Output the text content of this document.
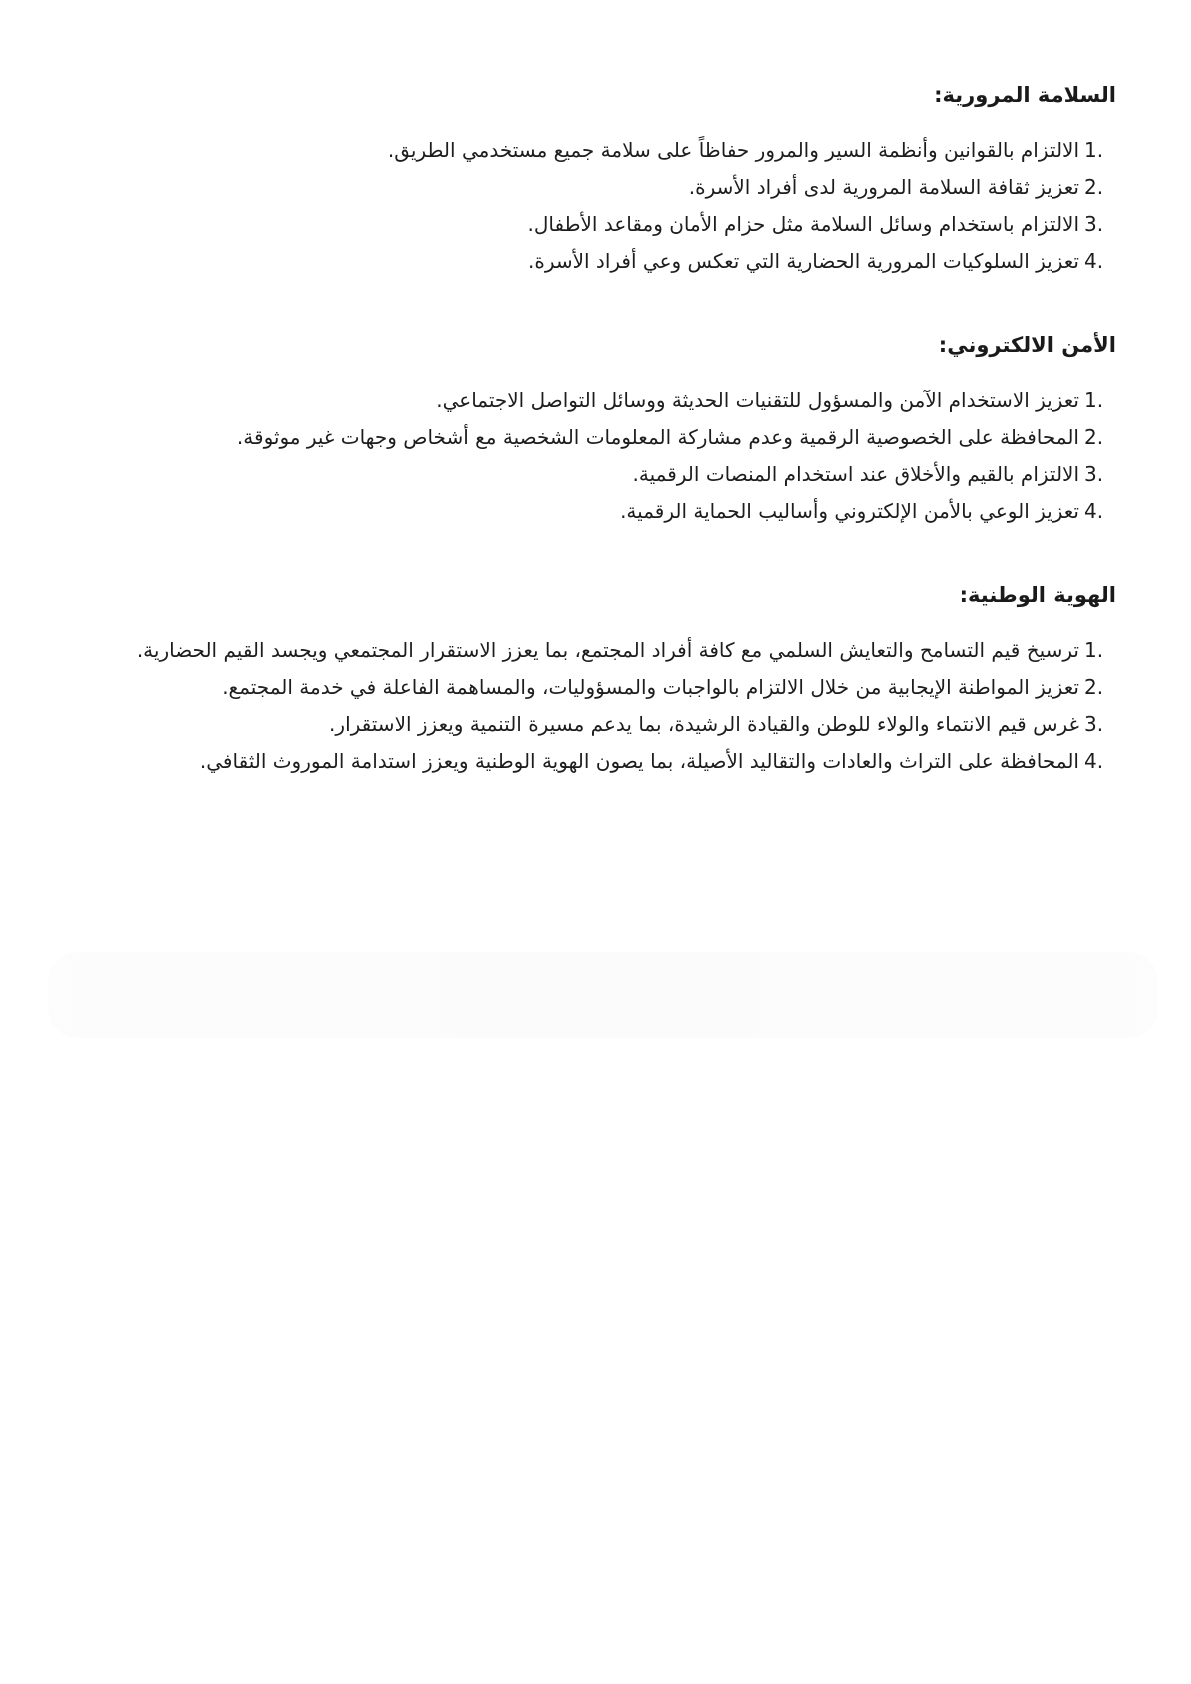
السلامة المرورية:
1.
الالتزام بالقوانين وأنظمة السير والمرور حفاظاً على سلامة جميع مستخدمي الطريق.
2.
تعزيز ثقافة السلامة المرورية لدى أفراد الأسرة.
3.
الالتزام باستخدام وسائل السلامة مثل حزام الأمان ومقاعد الأطفال.
4.
تعزيز السلوكيات المرورية الحضارية التي تعكس وعي أفراد الأسرة.
الأمن الالكتروني:
1.
تعزيز الاستخدام الآمن والمسؤول للتقنيات الحديثة ووسائل التواصل الاجتماعي.
2.
المحافظة على الخصوصية الرقمية وعدم مشاركة المعلومات الشخصية مع أشخاص وجهات غير موثوقة.
3.
الالتزام بالقيم والأخلاق عند استخدام المنصات الرقمية.
4.
تعزيز الوعي بالأمن الإلكتروني وأساليب الحماية الرقمية.
الهوية الوطنية:
1.
ترسيخ قيم التسامح والتعايش السلمي مع كافة أفراد المجتمع، بما يعزز الاستقرار المجتمعي ويجسد القيم الحضارية.
2.
تعزيز المواطنة الإيجابية من خلال الالتزام بالواجبات والمسؤوليات، والمساهمة الفاعلة في خدمة المجتمع.
3.
غرس قيم الانتماء والولاء للوطن والقيادة الرشيدة، بما يدعم مسيرة التنمية ويعزز الاستقرار.
4.
المحافظة على التراث والعادات والتقاليد الأصيلة، بما يصون الهوية الوطنية ويعزز استدامة الموروث الثقافي.
